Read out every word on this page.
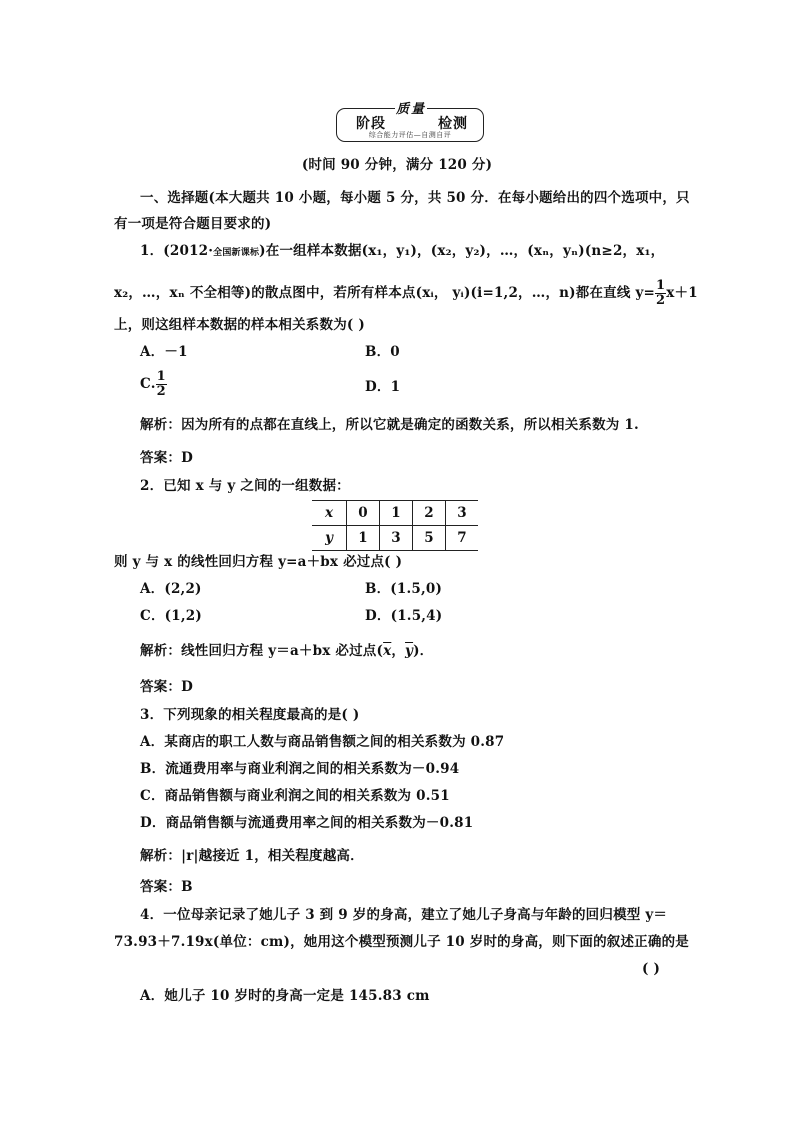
阶段	检测
质量
综合能力评估—自测自评
(时间 90 分钟，满分 120 分)
一、选择题(本大题共 10 小题，每小题 5 分，共 50 分．在每小题给出的四个选项中，只
有一项是符合题目要求的)
1．(2012·全国新课标)在一组样本数据(x₁，y₁)，(x₂，y₂)，…，(xₙ，yₙ)(n≥2，x₁，
x₂，…，xₙ 不全相等)的散点图中，若所有样本点(xᵢ， yᵢ)(i=1,2，…，n)都在直线 $y= \frac{1}{2} x+1$
上，则这组样本数据的样本相关系数为( )
A．－1	B．0
C. $\frac{1}{2}$	D．1
解析：因为所有的点都在直线上，所以它就是确定的函数关系，所以相关系数为 1.
答案：D
2．已知 x 与 y 之间的一组数据：
x	0	1	2	3
y	1	3	5	7
则 y 与 x 的线性回归方程 y=a＋bx 必过点( )
A．(2,2)	B．(1.5,0)
C．(1,2)	D．(1.5,4)
解析：线性回归方程 y＝a＋bx 必过点($\overline{x}$，$\overline{y}$)．
答案：D
3．下列现象的相关程度最高的是( )
A．某商店的职工人数与商品销售额之间的相关系数为 0.87
B．流通费用率与商业利润之间的相关系数为－0.94
C．商品销售额与商业利润之间的相关系数为 0.51
D．商品销售额与流通费用率之间的相关系数为－0.81
解析：|r|越接近 1，相关程度越高．
答案：B
4．一位母亲记录了她儿子 3 到 9 岁的身高，建立了她儿子身高与年龄的回归模型 y＝
73.93＋7.19x(单位：cm)，她用这个模型预测儿子 10 岁时的身高，则下面的叙述正确的是
( )
A．她儿子 10 岁时的身高一定是 145.83 cm
